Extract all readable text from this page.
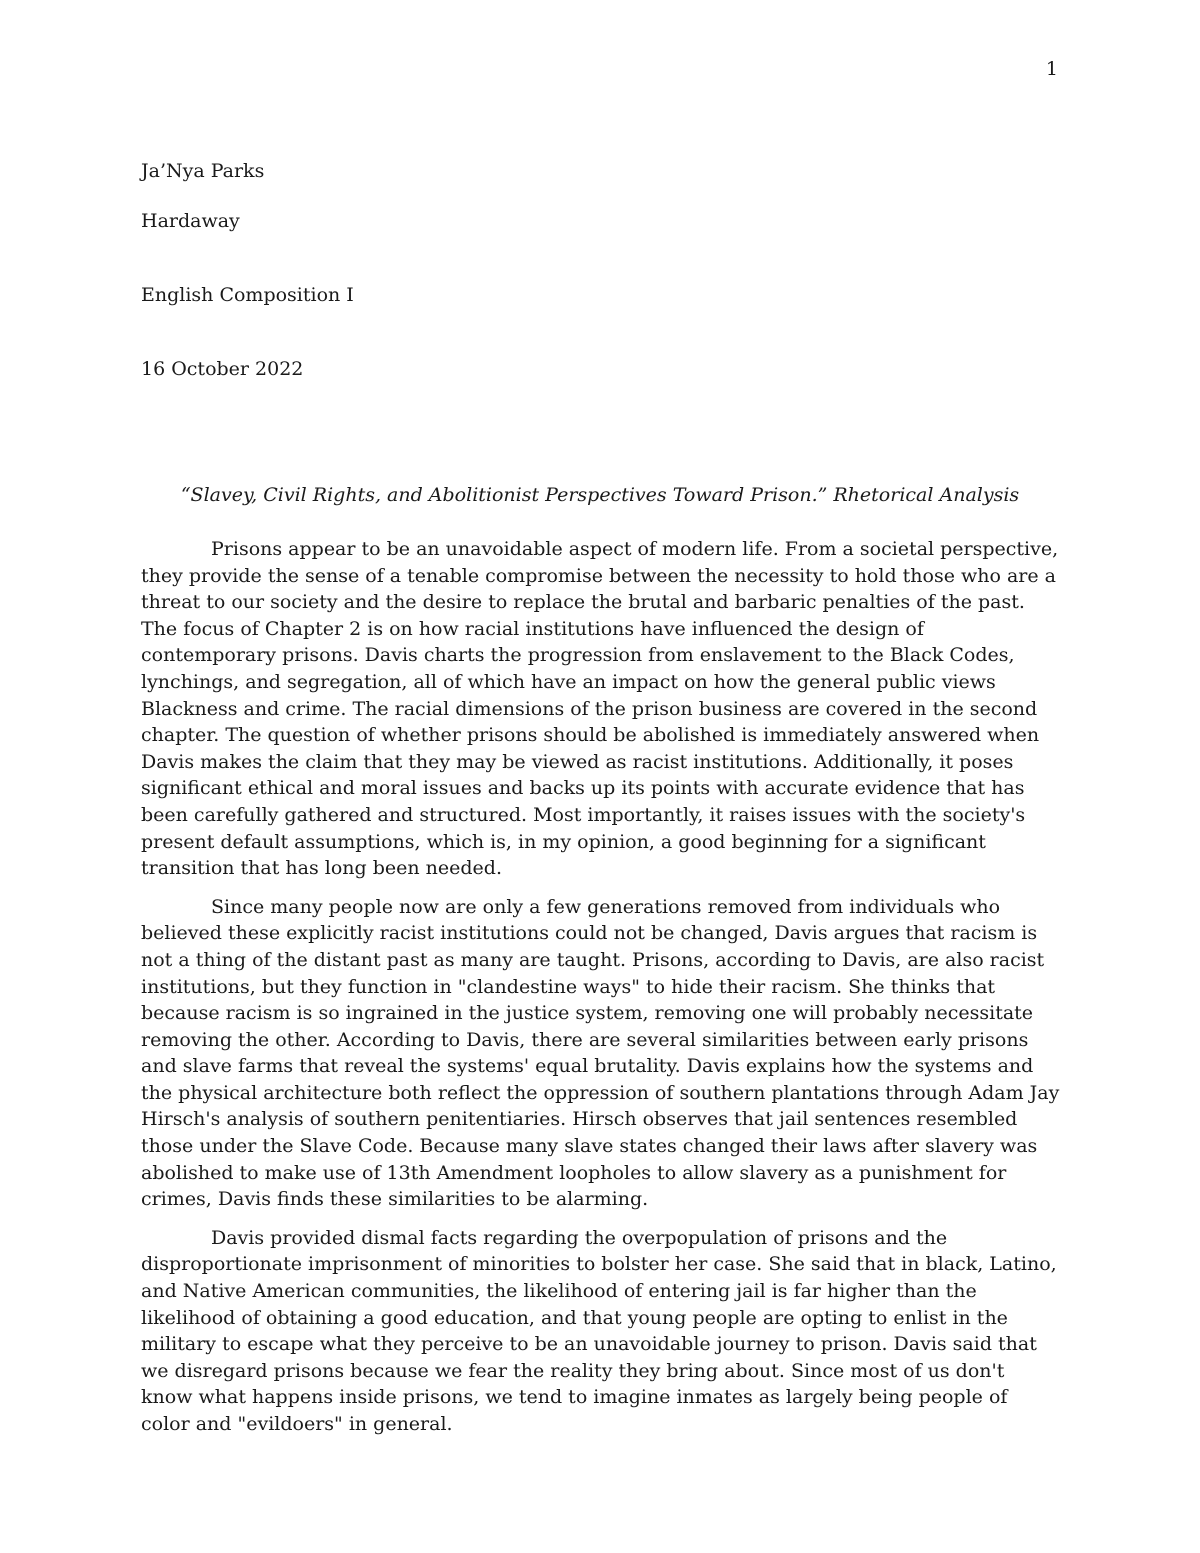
1
Ja’Nya Parks
Hardaway
English Composition I
16 October 2022
“Slavey, Civil Rights, and Abolitionist Perspectives Toward Prison.” Rhetorical Analysis

Prisons appear to be an unavoidable aspect of modern life. From a societal perspective, they provide the sense of a tenable compromise between the necessity to hold those who are a threat to our society and the desire to replace the brutal and barbaric penalties of the past. The focus of Chapter 2 is on how racial institutions have influenced the design of contemporary prisons. Davis charts the progression from enslavement to the Black Codes, lynchings, and segregation, all of which have an impact on how the general public views Blackness and crime. The racial dimensions of the prison business are covered in the second chapter. The question of whether prisons should be abolished is immediately answered when Davis makes the claim that they may be viewed as racist institutions. Additionally, it poses significant ethical and moral issues and backs up its points with accurate evidence that has been carefully gathered and structured. Most importantly, it raises issues with the society's present default assumptions, which is, in my opinion, a good beginning for a significant transition that has long been needed.

Since many people now are only a few generations removed from individuals who believed these explicitly racist institutions could not be changed, Davis argues that racism is not a thing of the distant past as many are taught. Prisons, according to Davis, are also racist institutions, but they function in "clandestine ways" to hide their racism. She thinks that because racism is so ingrained in the justice system, removing one will probably necessitate removing the other. According to Davis, there are several similarities between early prisons and slave farms that reveal the systems' equal brutality. Davis explains how the systems and the physical architecture both reflect the oppression of southern plantations through Adam Jay Hirsch's analysis of southern penitentiaries. Hirsch observes that jail sentences resembled those under the Slave Code. Because many slave states changed their laws after slavery was abolished to make use of 13th Amendment loopholes to allow slavery as a punishment for crimes, Davis finds these similarities to be alarming.

Davis provided dismal facts regarding the overpopulation of prisons and the disproportionate imprisonment of minorities to bolster her case. She said that in black, Latino, and Native American communities, the likelihood of entering jail is far higher than the likelihood of obtaining a good education, and that young people are opting to enlist in the military to escape what they perceive to be an unavoidable journey to prison. Davis said that we disregard prisons because we fear the reality they bring about. Since most of us don't know what happens inside prisons, we tend to imagine inmates as largely being people of color and "evildoers" in general.
